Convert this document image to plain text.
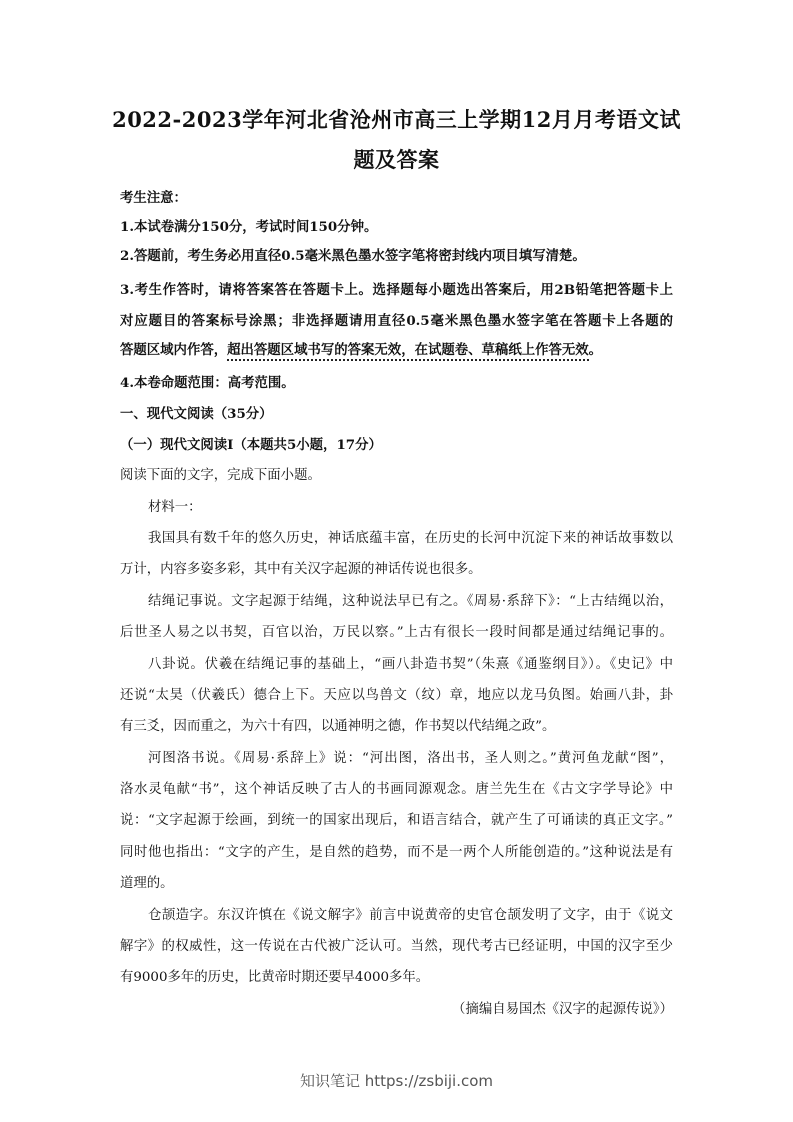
2022-2023学年河北省沧州市高三上学期12月月考语文试
题及答案
考生注意：
1.本试卷满分150分，考试时间150分钟。
2.答题前，考生务必用直径0.5毫米黑色墨水签字笔将密封线内项目填写清楚。
3.考生作答时，请将答案答在答题卡上。选择题每小题选出答案后，用2B铅笔把答题卡上
对应题目的答案标号涂黑；非选择题请用直径0.5毫米黑色墨水签字笔在答题卡上各题的
答题区域内作答，超出答题区域书写的答案无效，在试题卷、草稿纸上作答无效。
4.本卷命题范围：高考范围。
一、现代文阅读（35分）
（一）现代文阅读Ⅰ（本题共5小题，17分）
阅读下面的文字，完成下面小题。
材料一：
我国具有数千年的悠久历史，神话底蕴丰富，在历史的长河中沉淀下来的神话故事数以
万计，内容多姿多彩，其中有关汉字起源的神话传说也很多。
结绳记事说。文字起源于结绳，这种说法早已有之。《周易·系辞下》：“上古结绳以治，
后世圣人易之以书契，百官以治，万民以察。”上古有很长一段时间都是通过结绳记事的。
八卦说。伏羲在结绳记事的基础上，“画八卦造书契”（朱熹《通鉴纲目》）。《史记》中
还说“太昊（伏羲氏）德合上下。天应以鸟兽文（纹）章，地应以龙马负图。始画八卦，卦
有三爻，因而重之，为六十有四，以通神明之德，作书契以代结绳之政”。
河图洛书说。《周易·系辞上》说：“河出图，洛出书，圣人则之。”黄河鱼龙献“图”，
洛水灵龟献“书”，这个神话反映了古人的书画同源观念。唐兰先生在《古文字学导论》中
说：“文字起源于绘画，到统一的国家出现后，和语言结合，就产生了可诵读的真正文字。”
同时他也指出：“文字的产生，是自然的趋势，而不是一两个人所能创造的。”这种说法是有
道理的。
仓颉造字。东汉许慎在《说文解字》前言中说黄帝的史官仓颉发明了文字，由于《说文
解字》的权威性，这一传说在古代被广泛认可。当然，现代考古已经证明，中国的汉字至少
有9000多年的历史，比黄帝时期还要早4000多年。
（摘编自易国杰《汉字的起源传说》）
知识笔记 https://zsbiji.com
